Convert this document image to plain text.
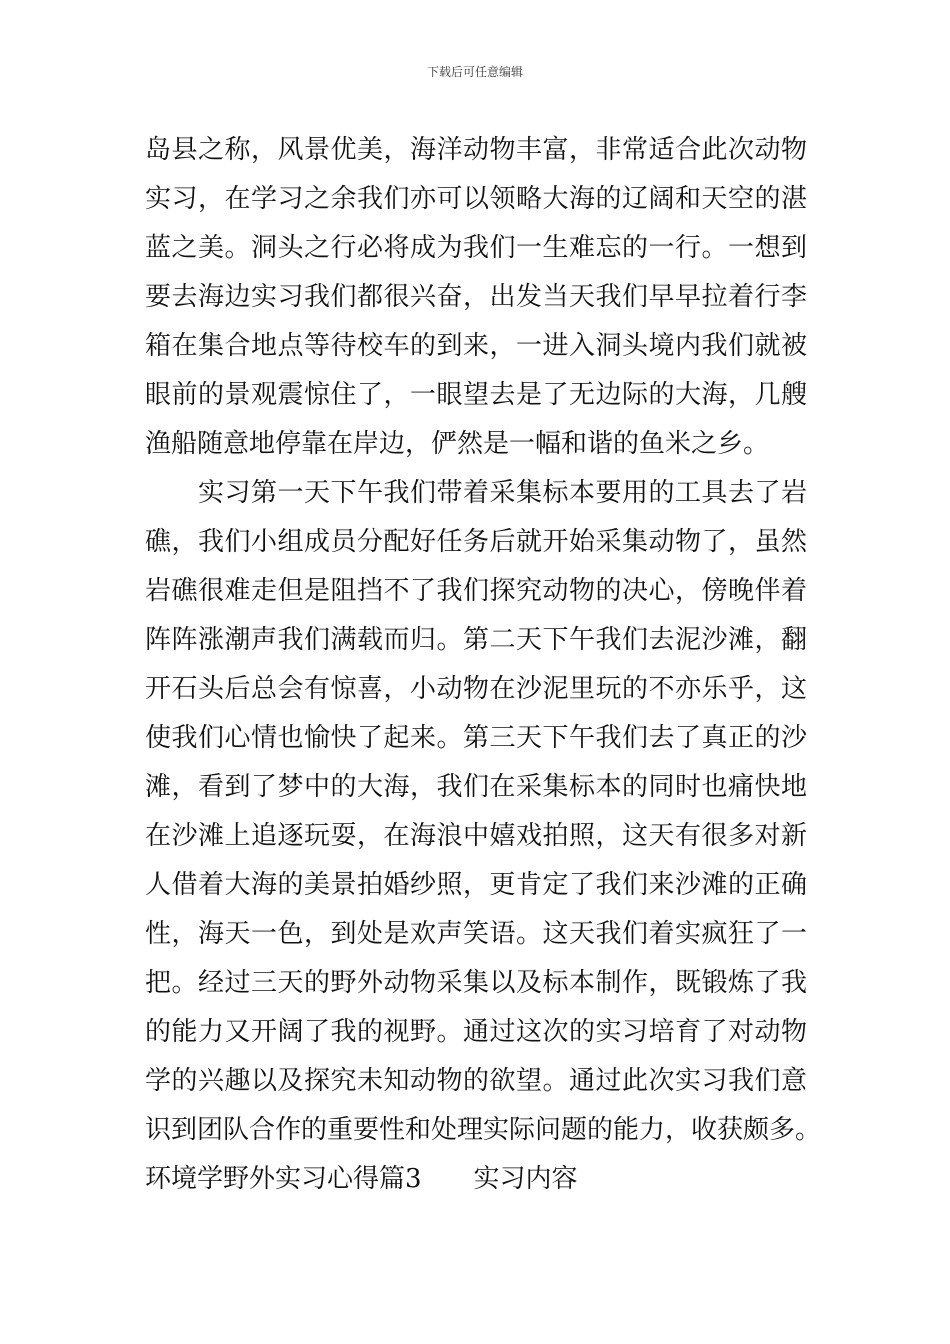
下载后可任意编辑
岛县之称，风景优美，海洋动物丰富，非常适合此次动物
实习，在学习之余我们亦可以领略大海的辽阔和天空的湛
蓝之美。洞头之行必将成为我们一生难忘的一行。一想到
要去海边实习我们都很兴奋，出发当天我们早早拉着行李
箱在集合地点等待校车的到来，一进入洞头境内我们就被
眼前的景观震惊住了，一眼望去是了无边际的大海，几艘
渔船随意地停靠在岸边，俨然是一幅和谐的鱼米之乡。
　　实习第一天下午我们带着采集标本要用的工具去了岩
礁，我们小组成员分配好任务后就开始采集动物了，虽然
岩礁很难走但是阻挡不了我们探究动物的决心，傍晚伴着
阵阵涨潮声我们满载而归。第二天下午我们去泥沙滩，翻
开石头后总会有惊喜，小动物在沙泥里玩的不亦乐乎，这
使我们心情也愉快了起来。第三天下午我们去了真正的沙
滩，看到了梦中的大海，我们在采集标本的同时也痛快地
在沙滩上追逐玩耍，在海浪中嬉戏拍照，这天有很多对新
人借着大海的美景拍婚纱照，更肯定了我们来沙滩的正确
性，海天一色，到处是欢声笑语。这天我们着实疯狂了一
把。经过三天的野外动物采集以及标本制作，既锻炼了我
的能力又开阔了我的视野。通过这次的实习培育了对动物
学的兴趣以及探究未知动物的欲望。通过此次实习我们意
识到团队合作的重要性和处理实际问题的能力，收获颇多。
环境学野外实习心得篇3 实习内容
